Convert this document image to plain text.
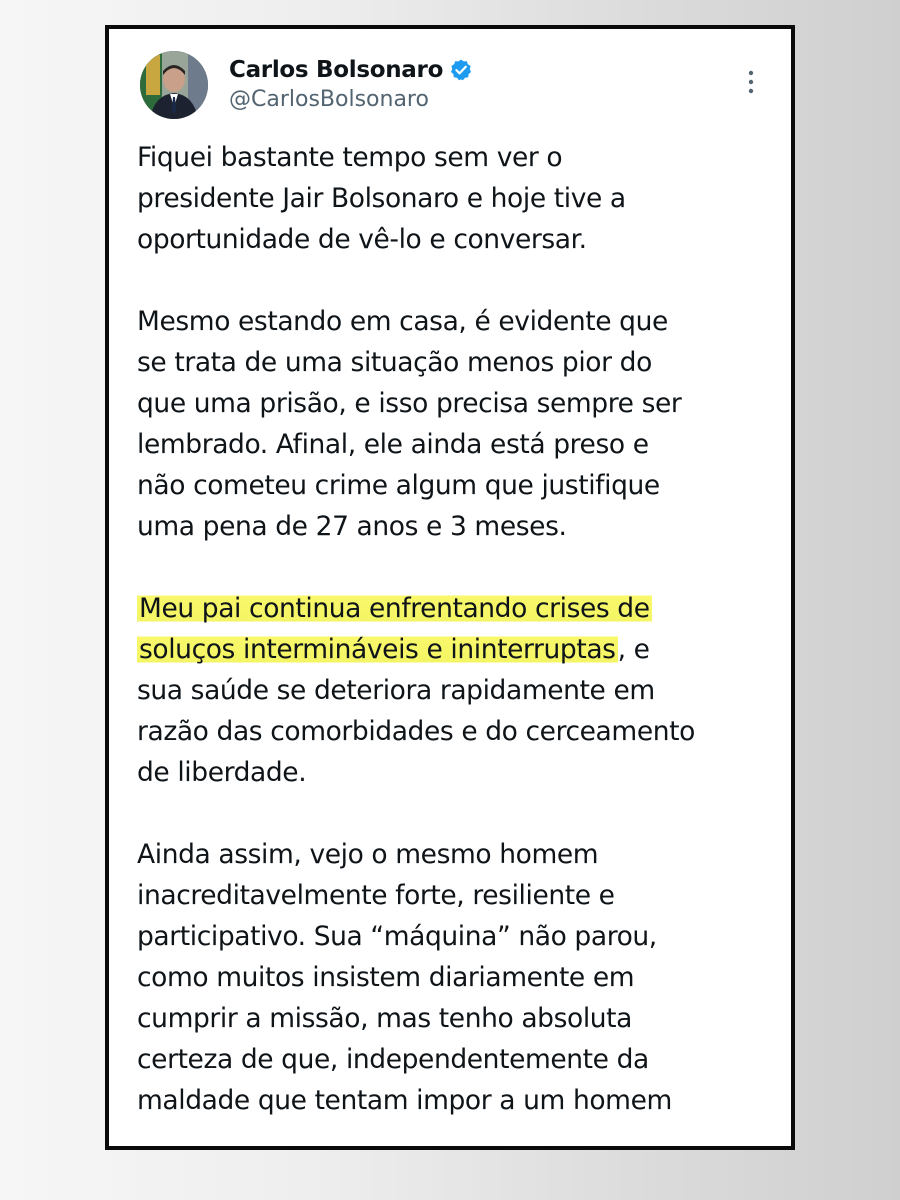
Carlos Bolsonaro
@CarlosBolsonaro

Fiquei bastante tempo sem ver o
presidente Jair Bolsonaro e hoje tive a
oportunidade de vê-lo e conversar.

Mesmo estando em casa, é evidente que
se trata de uma situação menos pior do
que uma prisão, e isso precisa sempre ser
lembrado. Afinal, ele ainda está preso e
não cometeu crime algum que justifique
uma pena de 27 anos e 3 meses.

Meu pai continua enfrentando crises de
soluços intermináveis e ininterruptas, e
sua saúde se deteriora rapidamente em
razão das comorbidades e do cerceamento
de liberdade.

Ainda assim, vejo o mesmo homem
inacreditavelmente forte, resiliente e
participativo. Sua “máquina” não parou,
como muitos insistem diariamente em
cumprir a missão, mas tenho absoluta
certeza de que, independentemente da
maldade que tentam impor a um homem
